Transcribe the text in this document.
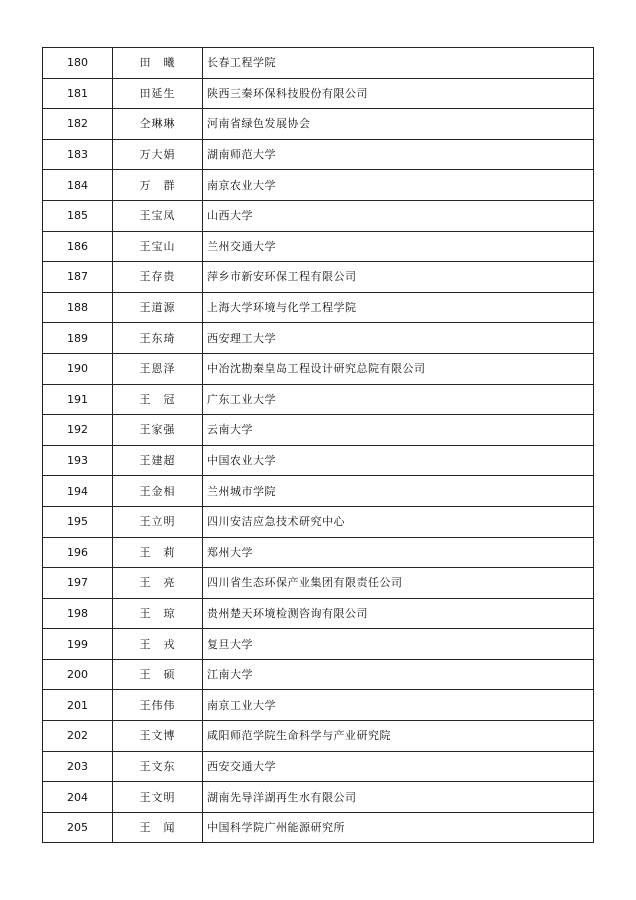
180	田　曦	长春工程学院
181	田延生	陕西三秦环保科技股份有限公司
182	仝琳琳	河南省绿色发展协会
183	万大娟	湖南师范大学
184	万　群	南京农业大学
185	王宝凤	山西大学
186	王宝山	兰州交通大学
187	王存贵	萍乡市新安环保工程有限公司
188	王道源	上海大学环境与化学工程学院
189	王东琦	西安理工大学
190	王恩泽	中冶沈勘秦皇岛工程设计研究总院有限公司
191	王　冠	广东工业大学
192	王家强	云南大学
193	王建超	中国农业大学
194	王金相	兰州城市学院
195	王立明	四川安洁应急技术研究中心
196	王　莉	郑州大学
197	王　亮	四川省生态环保产业集团有限责任公司
198	王　琼	贵州楚天环境检测咨询有限公司
199	王　戎	复旦大学
200	王　硕	江南大学
201	王伟伟	南京工业大学
202	王文博	咸阳师范学院生命科学与产业研究院
203	王文东	西安交通大学
204	王文明	湖南先导洋湖再生水有限公司
205	王　闻	中国科学院广州能源研究所
